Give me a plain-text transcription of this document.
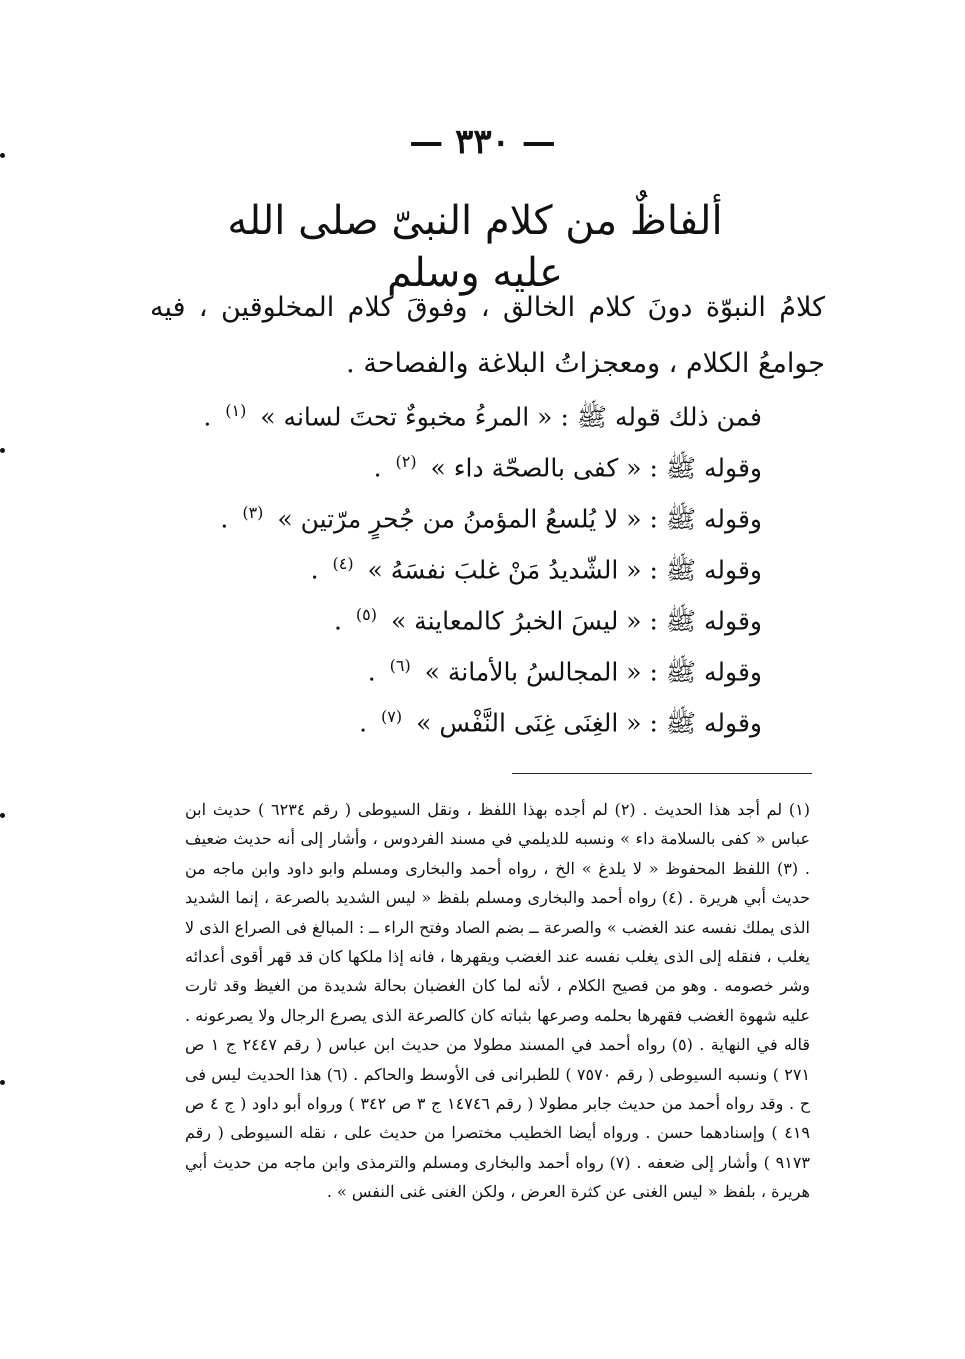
— ٣٣٠ —
ألفاظٌ من كلام النبىّ صلى الله عليه وسلم
كلامُ النبوّة دونَ كلام الخالق ، وفوقَ كلام المخلوقين ، فيه جوامعُ الكلام ، ومعجزاتُ البلاغة والفصاحة .
فمن ذلك قوله ﷺ : « المرءُ مخبوءٌ تحتَ لسانه » $^{(١)}$ .
وقوله ﷺ : « كفى بالصحّة داء » $^{(٢)}$ .
وقوله ﷺ : « لا يُلسعُ المؤمنُ من جُحرٍ مرّتين » $^{(٣)}$ .
وقوله ﷺ : « الشّديدُ مَنْ غلبَ نفسَهُ » $^{(٤)}$ .
وقوله ﷺ : « ليسَ الخبرُ كالمعاينة » $^{(٥)}$ .
وقوله ﷺ : « المجالسُ بالأمانة » $^{(٦)}$ .
وقوله ﷺ : « الغِنَى غِنَى النَّفْس » $^{(٧)}$ .
(١) لم أجد هذا الحديث . (٢) لم أجده بهذا اللفظ ، ونقل السيوطى ( رقم ٦٢٣٤ ) حديث ابن عباس « كفى بالسلامة داء » ونسبه للديلمي في مسند الفردوس ، وأشار إلى أنه حديث ضعيف . (٣) اللفظ المحفوظ « لا يلدغ » الخ ، رواه أحمد والبخارى ومسلم وابو داود وابن ماجه من حديث أبي هريرة . (٤) رواه أحمد والبخارى ومسلم بلفظ « ليس الشديد بالصرعة ، إنما الشديد الذى يملك نفسه عند الغضب » والصرعة ــ بضم الصاد وفتح الراء ــ : المبالغ فى الصراع الذى لا يغلب ، فنقله إلى الذى يغلب نفسه عند الغضب ويقهرها ، فانه إذا ملكها كان قد قهر أقوى أعدائه وشر خصومه . وهو من فصيح الكلام ، لأنه لما كان الغضبان بحالة شديدة من الغيظ وقد ثارت عليه شهوة الغضب فقهرها بحلمه وصرعها بثباته كان كالصرعة الذى يصرع الرجال ولا يصرعونه . قاله في النهاية . (٥) رواه أحمد في المسند مطولا من حديث ابن عباس ( رقم ٢٤٤٧ ج ١ ص ٢٧١ ) ونسبه السيوطى ( رقم ٧٥٧٠ ) للطبرانى فى الأوسط والحاكم . (٦) هذا الحديث ليس فى ح . وقد رواه أحمد من حديث جابر مطولا ( رقم ١٤٧٤٦ ج ٣ ص ٣٤٢ ) ورواه أبو داود ( ج ٤ ص ٤١٩ ) وإسنادهما حسن . ورواه أيضا الخطيب مختصرا من حديث على ، نقله السيوطى ( رقم ٩١٧٣ ) وأشار إلى ضعفه . (٧) رواه أحمد والبخارى ومسلم والترمذى وابن ماجه من حديث أبي هريرة ، بلفظ « ليس الغنى عن كثرة العرض ، ولكن الغنى غنى النفس » .
